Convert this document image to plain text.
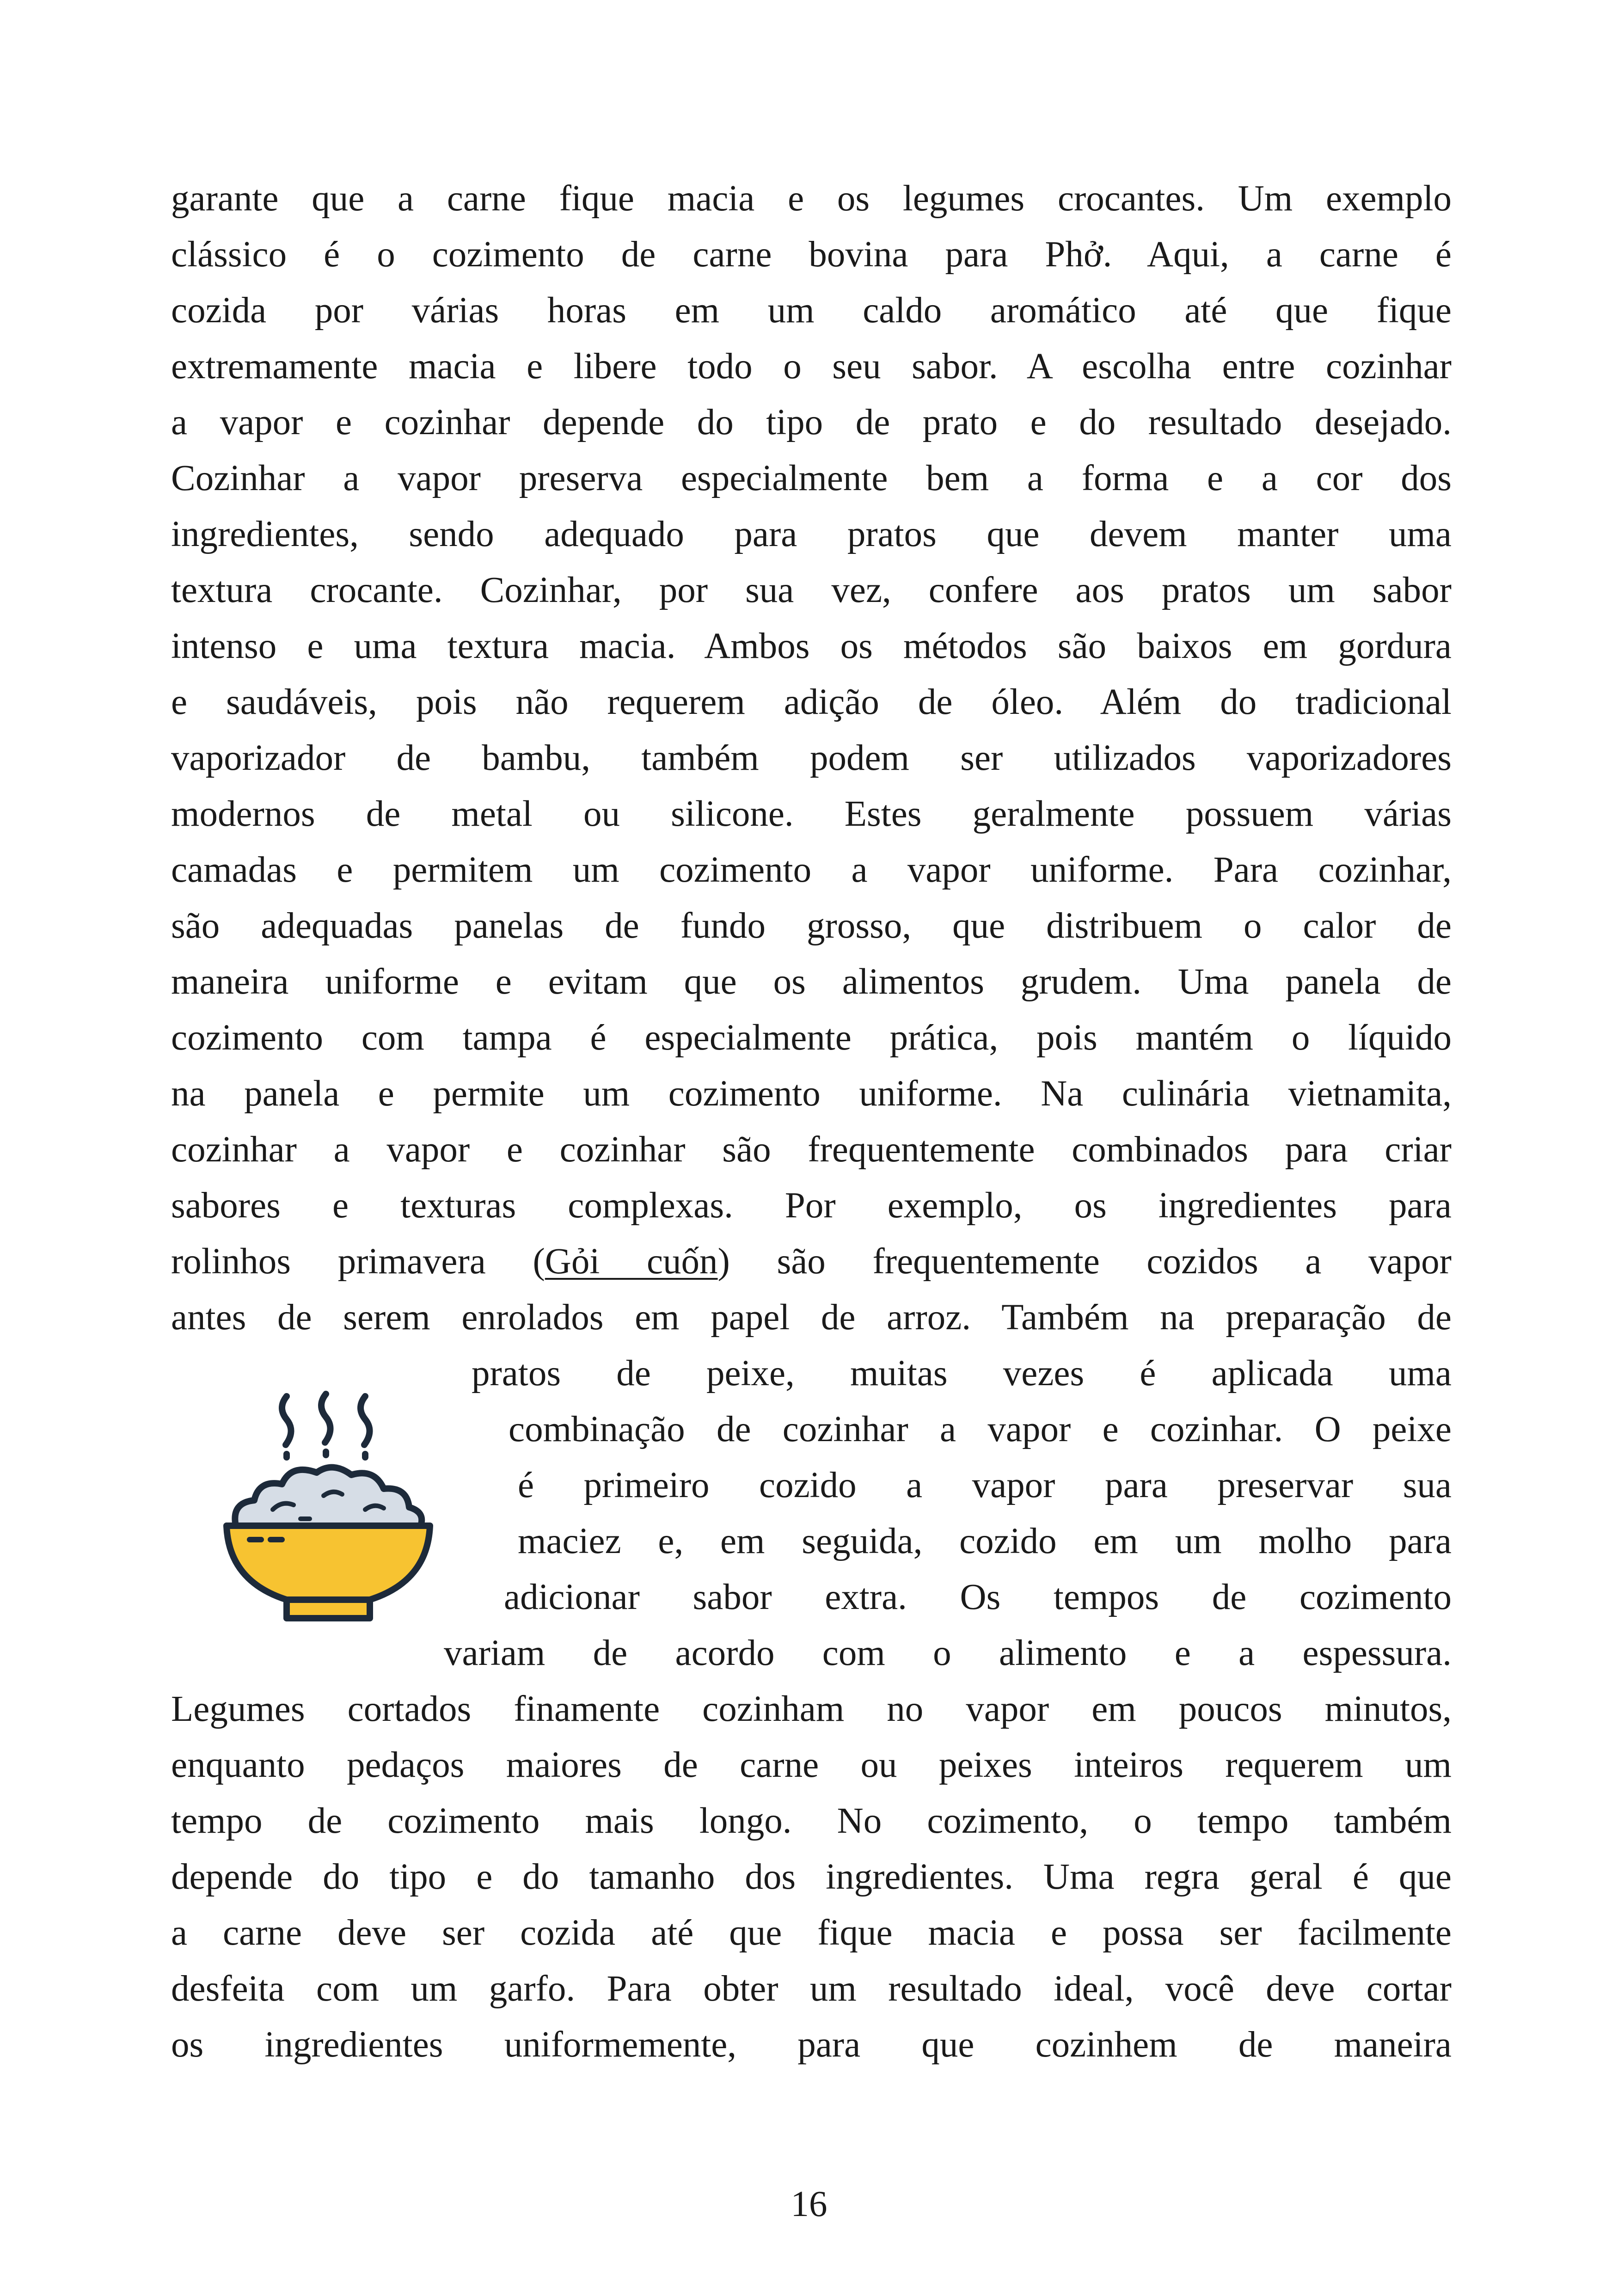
garante que a carne fique macia e os legumes crocantes. Um exemplo
clássico é o cozimento de carne bovina para Phở. Aqui, a carne é
cozida por várias horas em um caldo aromático até que fique
extremamente macia e libere todo o seu sabor. A escolha entre cozinhar
a vapor e cozinhar depende do tipo de prato e do resultado desejado.
Cozinhar a vapor preserva especialmente bem a forma e a cor dos
ingredientes, sendo adequado para pratos que devem manter uma
textura crocante. Cozinhar, por sua vez, confere aos pratos um sabor
intenso e uma textura macia. Ambos os métodos são baixos em gordura
e saudáveis, pois não requerem adição de óleo. Além do tradicional
vaporizador de bambu, também podem ser utilizados vaporizadores
modernos de metal ou silicone. Estes geralmente possuem várias
camadas e permitem um cozimento a vapor uniforme. Para cozinhar,
são adequadas panelas de fundo grosso, que distribuem o calor de
maneira uniforme e evitam que os alimentos grudem. Uma panela de
cozimento com tampa é especialmente prática, pois mantém o líquido
na panela e permite um cozimento uniforme. Na culinária vietnamita,
cozinhar a vapor e cozinhar são frequentemente combinados para criar
sabores e texturas complexas. Por exemplo, os ingredientes para
rolinhos primavera (Gỏi cuốn) são frequentemente cozidos a vapor
antes de serem enrolados em papel de arroz. Também na preparação de
pratos de peixe, muitas vezes é aplicada uma
combinação de cozinhar a vapor e cozinhar. O peixe
é primeiro cozido a vapor para preservar sua
maciez e, em seguida, cozido em um molho para
adicionar sabor extra. Os tempos de cozimento
variam de acordo com o alimento e a espessura.
Legumes cortados finamente cozinham no vapor em poucos minutos,
enquanto pedaços maiores de carne ou peixes inteiros requerem um
tempo de cozimento mais longo. No cozimento, o tempo também
depende do tipo e do tamanho dos ingredientes. Uma regra geral é que
a carne deve ser cozida até que fique macia e possa ser facilmente
desfeita com um garfo. Para obter um resultado ideal, você deve cortar
os ingredientes uniformemente, para que cozinhem de maneira
16
